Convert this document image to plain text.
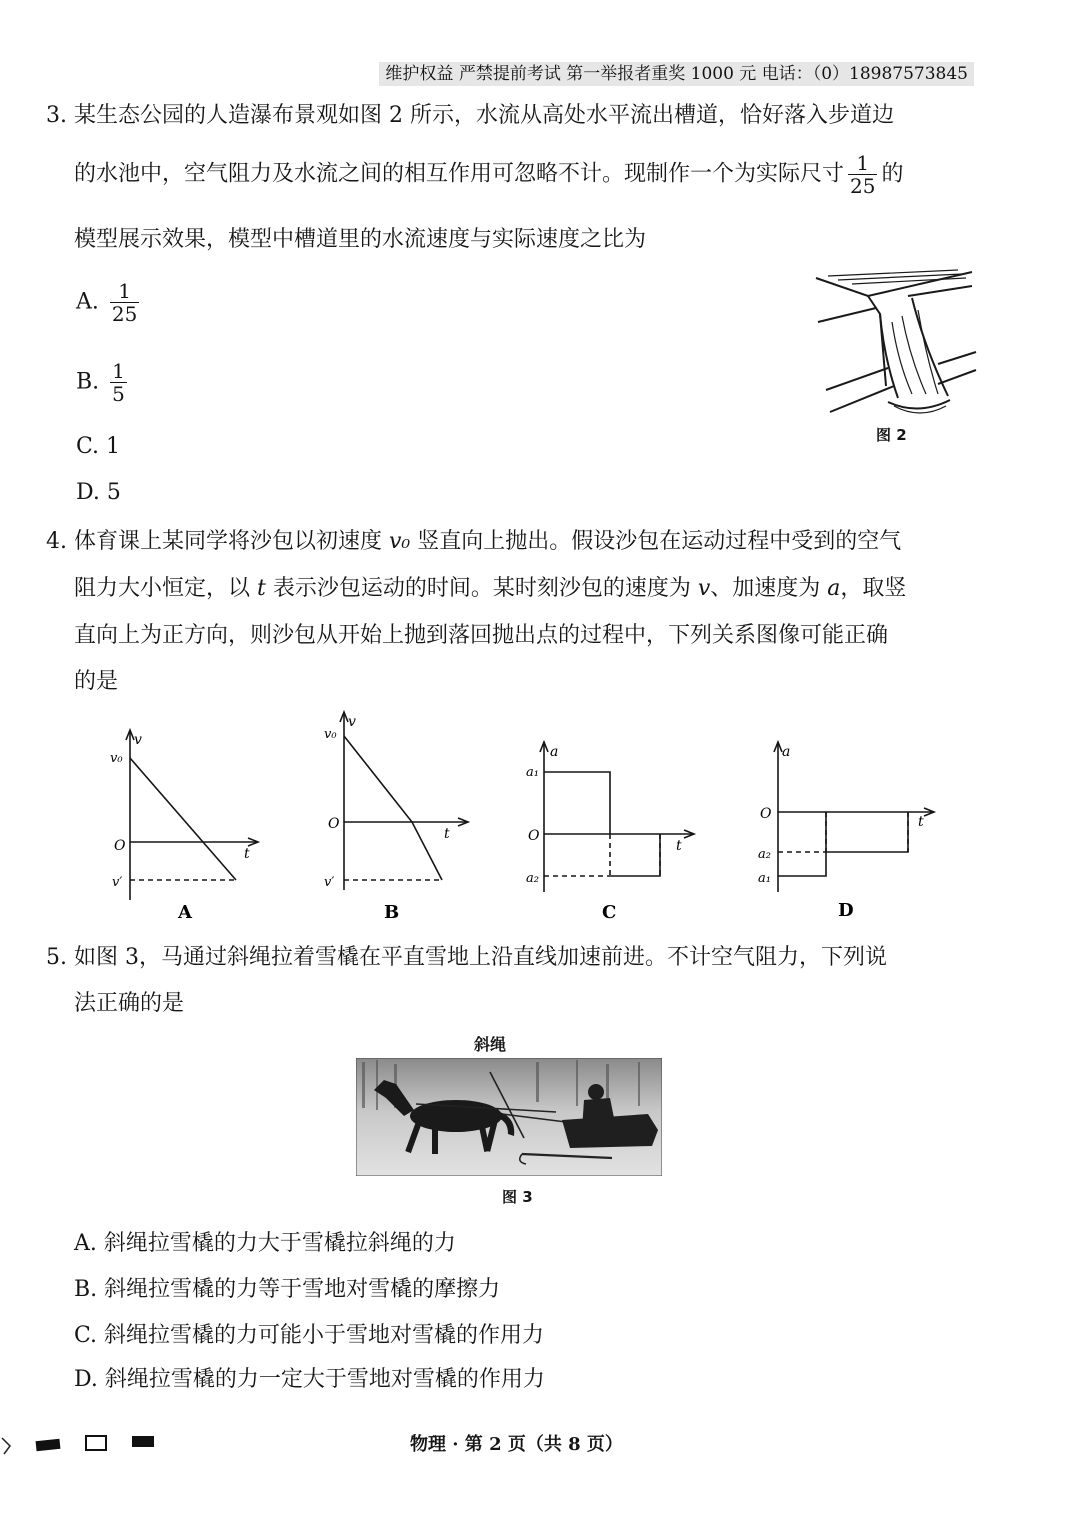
维护权益 严禁提前考试 第一举报者重奖 1000 元 电话：（0）18987573845
3. 某生态公园的人造瀑布景观如图 2 所示，水流从高处水平流出槽道，恰好落入步道边
的水池中，空气阻力及水流之间的相互作用可忽略不计。现制作一个为实际尺寸 $\frac{1}{25}$ 的
模型展示效果，模型中槽道里的水流速度与实际速度之比为
A. $\frac{1}{25}$
B. $\frac{1}{5}$
C. 1
D. 5
图 2
4. 体育课上某同学将沙包以初速度 v₀ 竖直向上抛出。假设沙包在运动过程中受到的空气
阻力大小恒定，以 t 表示沙包运动的时间。某时刻沙包的速度为 v、加速度为 a，取竖
直向上为正方向，则沙包从开始上抛到落回抛出点的过程中，下列关系图像可能正确
的是
v
t
O
v₀
v′
A
v
t
O
v₀
v′
B
a
t
O
a₁
a₂
C
a
t
O
a₂
a₁
D
5. 如图 3，马通过斜绳拉着雪橇在平直雪地上沿直线加速前进。不计空气阻力，下列说
法正确的是
斜绳
图 3
A. 斜绳拉雪橇的力大于雪橇拉斜绳的力
B. 斜绳拉雪橇的力等于雪地对雪橇的摩擦力
C. 斜绳拉雪橇的力可能小于雪地对雪橇的作用力
D. 斜绳拉雪橇的力一定大于雪地对雪橇的作用力
物理 · 第 2 页（共 8 页）
